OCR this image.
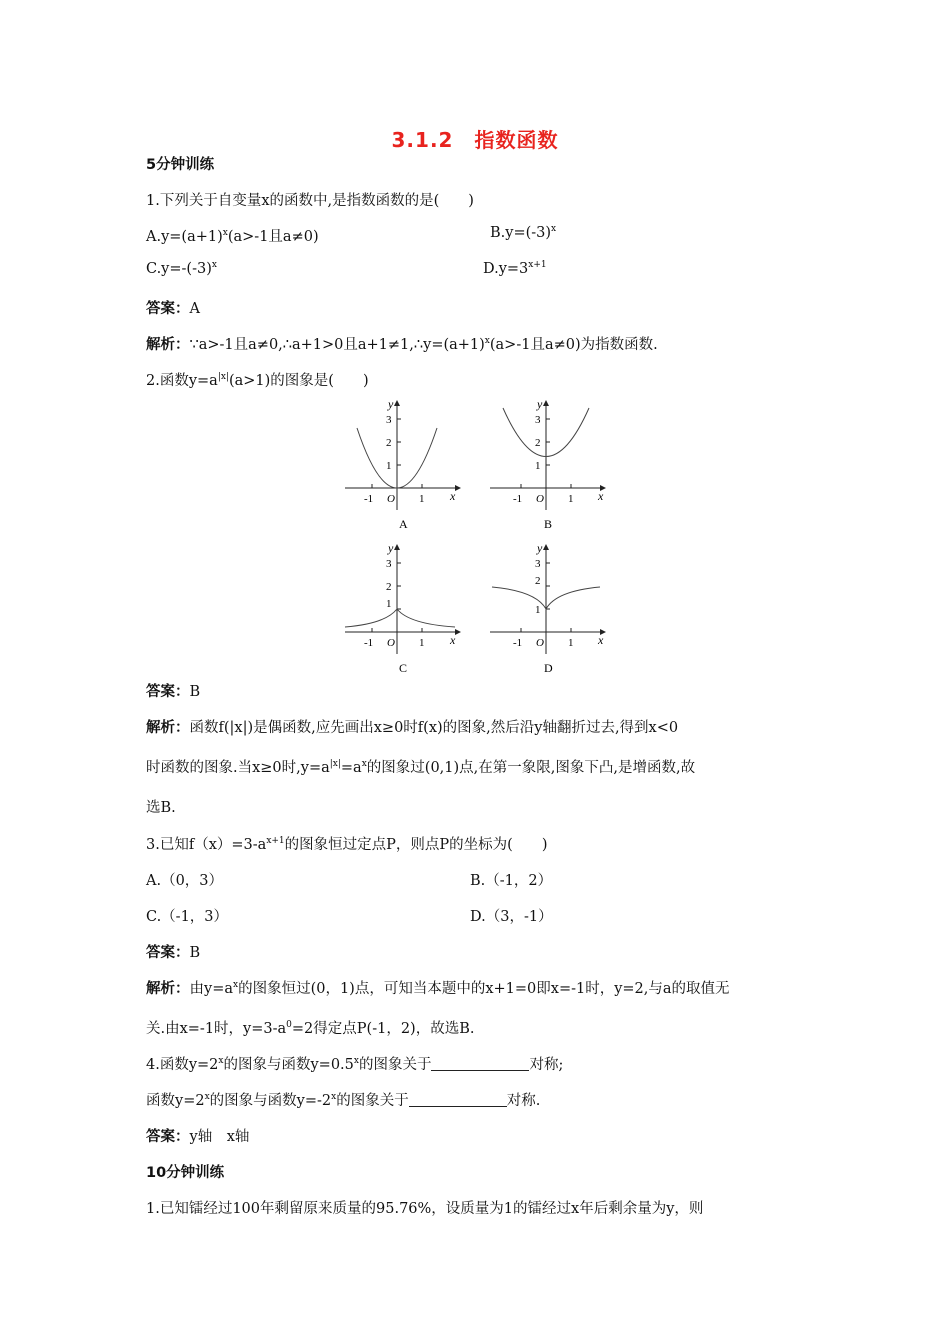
3.1.2　指数函数
5分钟训练
1.下列关于自变量x的函数中,是指数函数的是(　　)
$A.y=(a+1)^x(a>-1$且a≠0)	$B.y=(-3)^x$
$C.y=-(-3)^x$	$D.y=3^{x+1}$
答案：A
解析：∵a>-1且a≠0,∴a+1>0且$a+1\ne 1,\therefore y=(a+1)^x(a>-1$且a≠0)为指数函数.
2.函数$y=a^{|x|}(a>1)$的图象是(　　)
y
3
2
1
-1 O 1 x
A
y
3
2
1
-1 O 1 x
B
y
3
2
1
-1 O 1 x
C
y
3
2
1
-1 O 1 x
D
答案：B
解析：函数f(|x|)是偶函数,应先画出x≥0时f(x)的图象,然后沿y轴翻折过去,得到x<0
时函数的图象.当x≥0时$,y=a^{|x|}=a^x$的图象过(0,1)点,在第一象限,图象下凸,是增函数,故
选B.
3.已知$f(x)=3-a^{x+1}$的图象恒过定点P，则点P的坐标为(　　)
A.（0，3）	B.（-1，2）
C.（-1，3）	D.（3，-1）
答案：B
解析：由$y=a^x$的图象恒过(0，1)点，可知当本题中的x+1=0即x=-1时，y=2,与a的取值无
关.由x=-1时，$y=3-a^0=2$得定点P(-1，2)，故选B.
4.函数$y=2^x$的图象与函数$y=0.5^x$的图象关于	对称;
函数$y=2^x$的图象与函数$y=-2^x$的图象关于	对称.
答案：y轴　x轴
10分钟训练
1.已知镭经过100年剩留原来质量的95.76%，设质量为1的镭经过x年后剩余量为y，则
